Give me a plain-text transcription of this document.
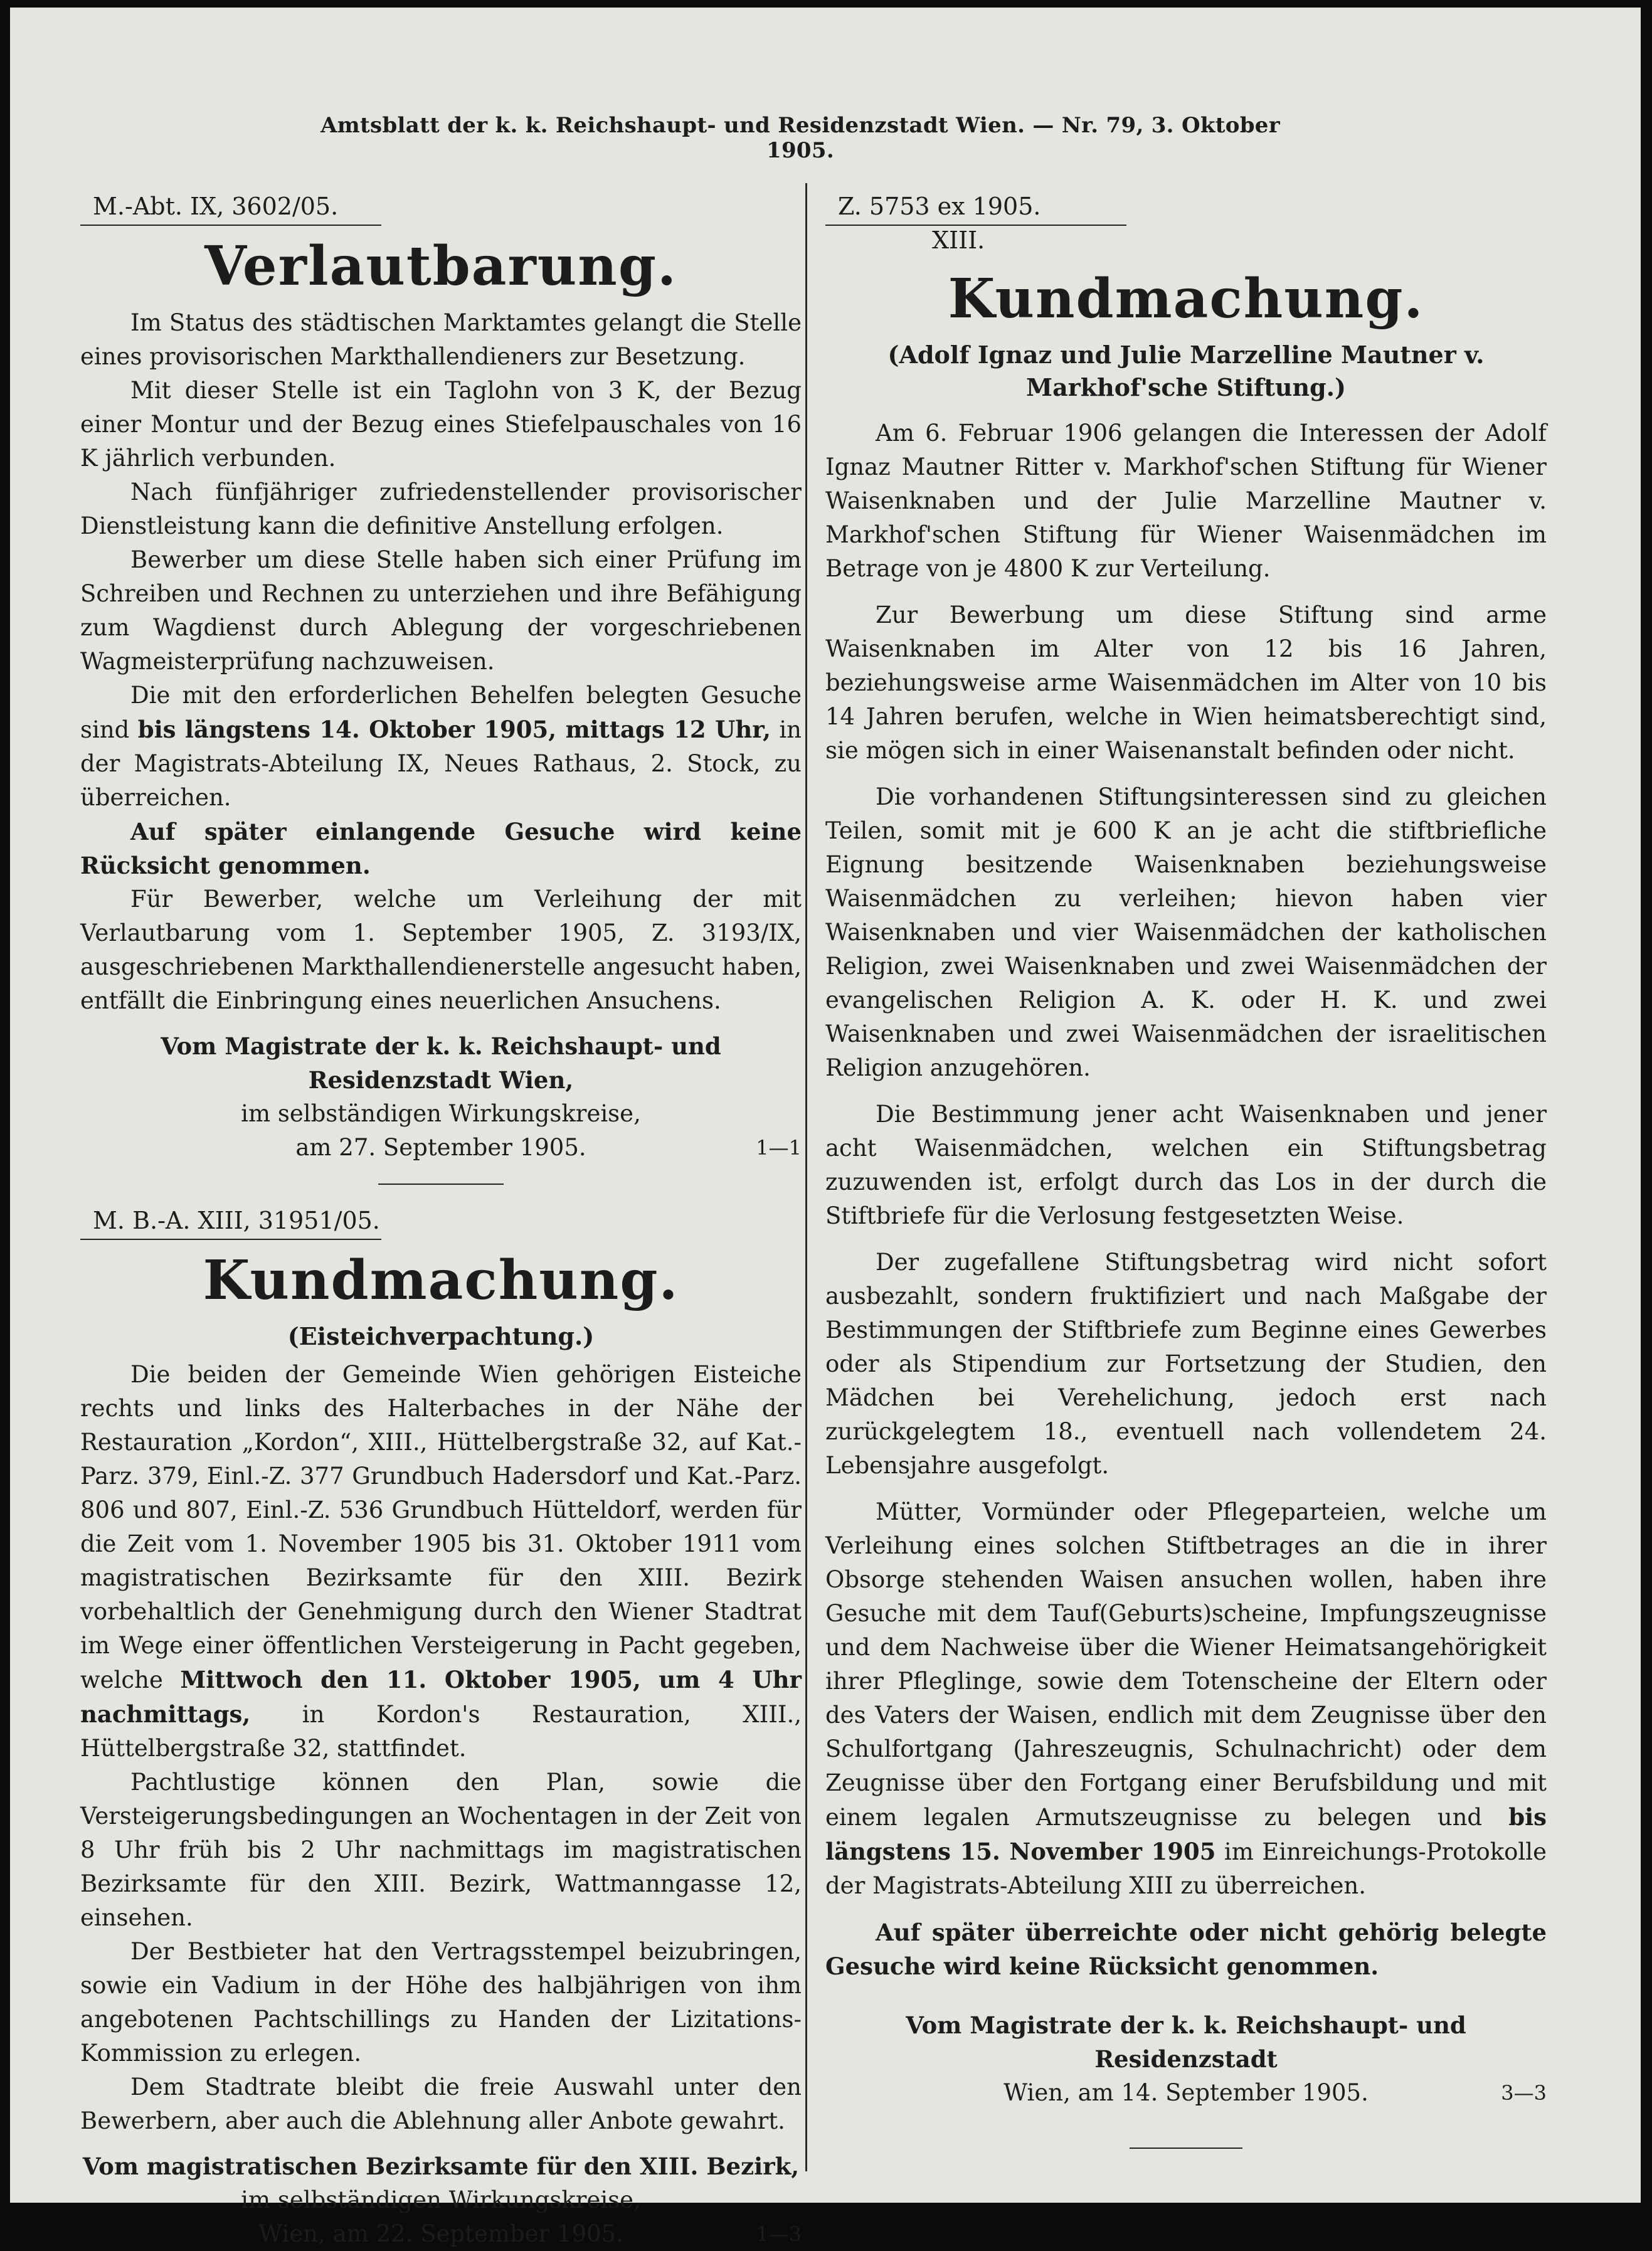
Amtsblatt der k. k. Reichshaupt- und Residenzstadt Wien. — Nr. 79, 3. Oktober 1905.
M.-Abt. IX, 3602/05.
Verlautbarung.

Im Status des städtischen Marktamtes gelangt die Stelle eines provisorischen Markthallendieners zur Besetzung.

Mit dieser Stelle ist ein Taglohn von 3 K, der Bezug einer Montur und der Bezug eines Stiefelpauschales von 16 K jährlich verbunden.

Nach fünfjähriger zufriedenstellender provisorischer Dienstleistung kann die definitive Anstellung erfolgen.

Bewerber um diese Stelle haben sich einer Prüfung im Schreiben und Rechnen zu unterziehen und ihre Befähigung zum Wagdienst durch Ablegung der vorgeschriebenen Wagmeisterprüfung nachzuweisen.

Die mit den erforderlichen Behelfen belegten Gesuche sind bis längstens 14. Oktober 1905, mittags 12 Uhr, in der Magistrats-Abteilung IX, Neues Rathaus, 2. Stock, zu überreichen.

Auf später einlangende Gesuche wird keine Rücksicht genommen.

Für Bewerber, welche um Verleihung der mit Verlautbarung vom 1. September 1905, Z. 3193/IX, ausgeschriebenen Markthallendienerstelle angesucht haben, entfällt die Einbringung eines neuerlichen Ansuchens.

Vom Magistrate der k. k. Reichshaupt- und Residenzstadt Wien,
im selbständigen Wirkungskreise,
am 27. September 1905.	1—1
M. B.-A. XIII, 31951/05.
Kundmachung.
(Eisteichverpachtung.)

Die beiden der Gemeinde Wien gehörigen Eisteiche rechts und links des Halterbaches in der Nähe der Restauration „Kordon“, XIII., Hüttelbergstraße 32, auf Kat.-Parz. 379, Einl.-Z. 377 Grundbuch Hadersdorf und Kat.-Parz. 806 und 807, Einl.-Z. 536 Grundbuch Hütteldorf, werden für die Zeit vom 1. November 1905 bis 31. Oktober 1911 vom magistratischen Bezirksamte für den XIII. Bezirk vorbehaltlich der Genehmigung durch den Wiener Stadtrat im Wege einer öffentlichen Versteigerung in Pacht gegeben, welche Mittwoch den 11. Oktober 1905, um 4 Uhr nachmittags, in Kordon's Restauration, XIII., Hüttelbergstraße 32, stattfindet.

Pachtlustige können den Plan, sowie die Versteigerungsbedingungen an Wochentagen in der Zeit von 8 Uhr früh bis 2 Uhr nachmittags im magistratischen Bezirksamte für den XIII. Bezirk, Wattmanngasse 12, einsehen.

Der Bestbieter hat den Vertragsstempel beizubringen, sowie ein Vadium in der Höhe des halbjährigen von ihm angebotenen Pachtschillings zu Handen der Lizitations-Kommission zu erlegen.

Dem Stadtrate bleibt die freie Auswahl unter den Bewerbern, aber auch die Ablehnung aller Anbote gewahrt.

Vom magistratischen Bezirksamte für den XIII. Bezirk,
im selbständigen Wirkungskreise,
Wien, am 22. September 1905.	1—3
Z. 5753 ex 1905.
XIII.
Kundmachung.
(Adolf Ignaz und Julie Marzelline Mautner v. Markhof'sche Stiftung.)

Am 6. Februar 1906 gelangen die Interessen der Adolf Ignaz Mautner Ritter v. Markhof'schen Stiftung für Wiener Waisenknaben und der Julie Marzelline Mautner v. Markhof'schen Stiftung für Wiener Waisenmädchen im Betrage von je 4800 K zur Verteilung.

Zur Bewerbung um diese Stiftung sind arme Waisenknaben im Alter von 12 bis 16 Jahren, beziehungsweise arme Waisenmädchen im Alter von 10 bis 14 Jahren berufen, welche in Wien heimatsberechtigt sind, sie mögen sich in einer Waisenanstalt befinden oder nicht.

Die vorhandenen Stiftungsinteressen sind zu gleichen Teilen, somit mit je 600 K an je acht die stiftbriefliche Eignung besitzende Waisenknaben beziehungsweise Waisenmädchen zu verleihen; hievon haben vier Waisenknaben und vier Waisenmädchen der katholischen Religion, zwei Waisenknaben und zwei Waisenmädchen der evangelischen Religion A. K. oder H. K. und zwei Waisenknaben und zwei Waisenmädchen der israelitischen Religion anzugehören.

Die Bestimmung jener acht Waisenknaben und jener acht Waisenmädchen, welchen ein Stiftungsbetrag zuzuwenden ist, erfolgt durch das Los in der durch die Stiftbriefe für die Verlosung festgesetzten Weise.

Der zugefallene Stiftungsbetrag wird nicht sofort ausbezahlt, sondern fruktifiziert und nach Maßgabe der Bestimmungen der Stiftbriefe zum Beginne eines Gewerbes oder als Stipendium zur Fortsetzung der Studien, den Mädchen bei Verehelichung, jedoch erst nach zurückgelegtem 18., eventuell nach vollendetem 24. Lebensjahre ausgefolgt.

Mütter, Vormünder oder Pflegeparteien, welche um Verleihung eines solchen Stiftbetrages an die in ihrer Obsorge stehenden Waisen ansuchen wollen, haben ihre Gesuche mit dem Tauf(Geburts)scheine, Impfungszeugnisse und dem Nachweise über die Wiener Heimatsangehörigkeit ihrer Pfleglinge, sowie dem Totenscheine der Eltern oder des Vaters der Waisen, endlich mit dem Zeugnisse über den Schulfortgang (Jahreszeugnis, Schulnachricht) oder dem Zeugnisse über den Fortgang einer Berufsbildung und mit einem legalen Armutszeugnisse zu belegen und bis längstens 15. November 1905 im Einreichungs-Protokolle der Magistrats-Abteilung XIII zu überreichen.

Auf später überreichte oder nicht gehörig belegte Gesuche wird keine Rücksicht genommen.

Vom Magistrate der k. k. Reichshaupt- und Residenzstadt
Wien, am 14. September 1905.	3—3
